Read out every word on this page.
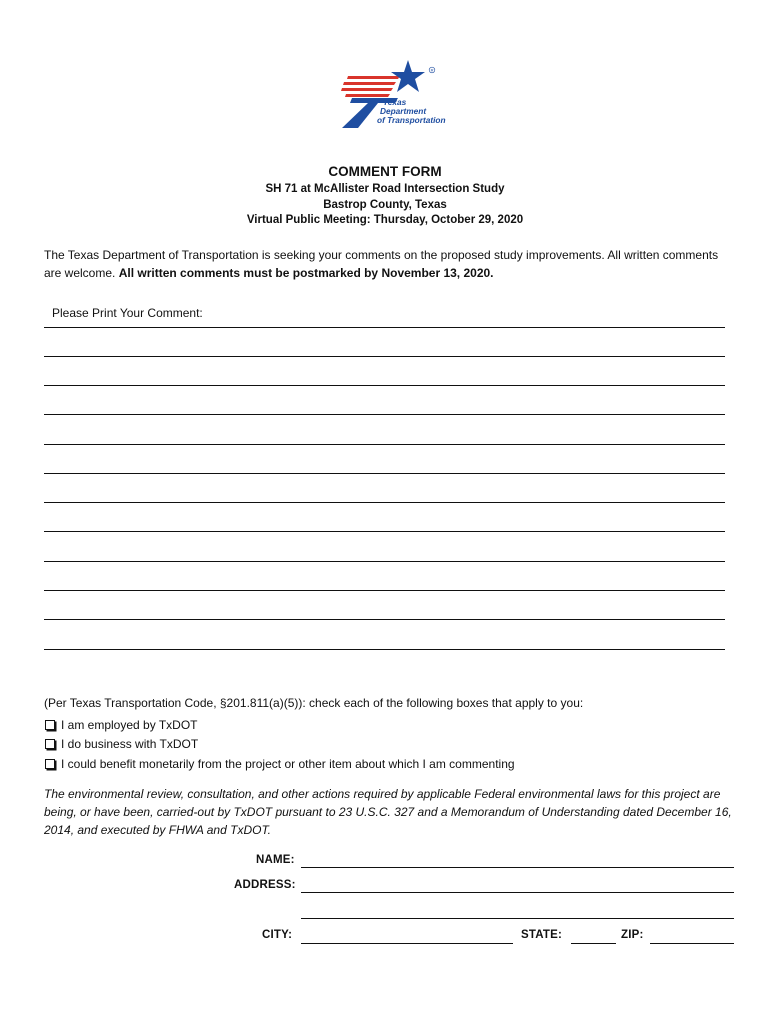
R
Texas
Department
of Transportation
COMMENT FORM
SH 71 at McAllister Road Intersection Study
Bastrop County, Texas
Virtual Public Meeting: Thursday, October 29, 2020
The Texas Department of Transportation is seeking your comments on the proposed study improvements. All written comments are welcome. All written comments must be postmarked by November 13, 2020.
Please Print Your Comment:
(Per Texas Transportation Code, §201.811(a)(5)): check each of the following boxes that apply to you:
I am employed by TxDOT
I do business with TxDOT
I could benefit monetarily from the project or other item about which I am commenting
The environmental review, consultation, and other actions required by applicable Federal environmental laws for this project are being, or have been, carried-out by TxDOT pursuant to 23 U.S.C. 327 and a Memorandum of Understanding dated December 16, 2014, and executed by FHWA and TxDOT.
NAME:
ADDRESS:
CITY:	STATE:	ZIP:
